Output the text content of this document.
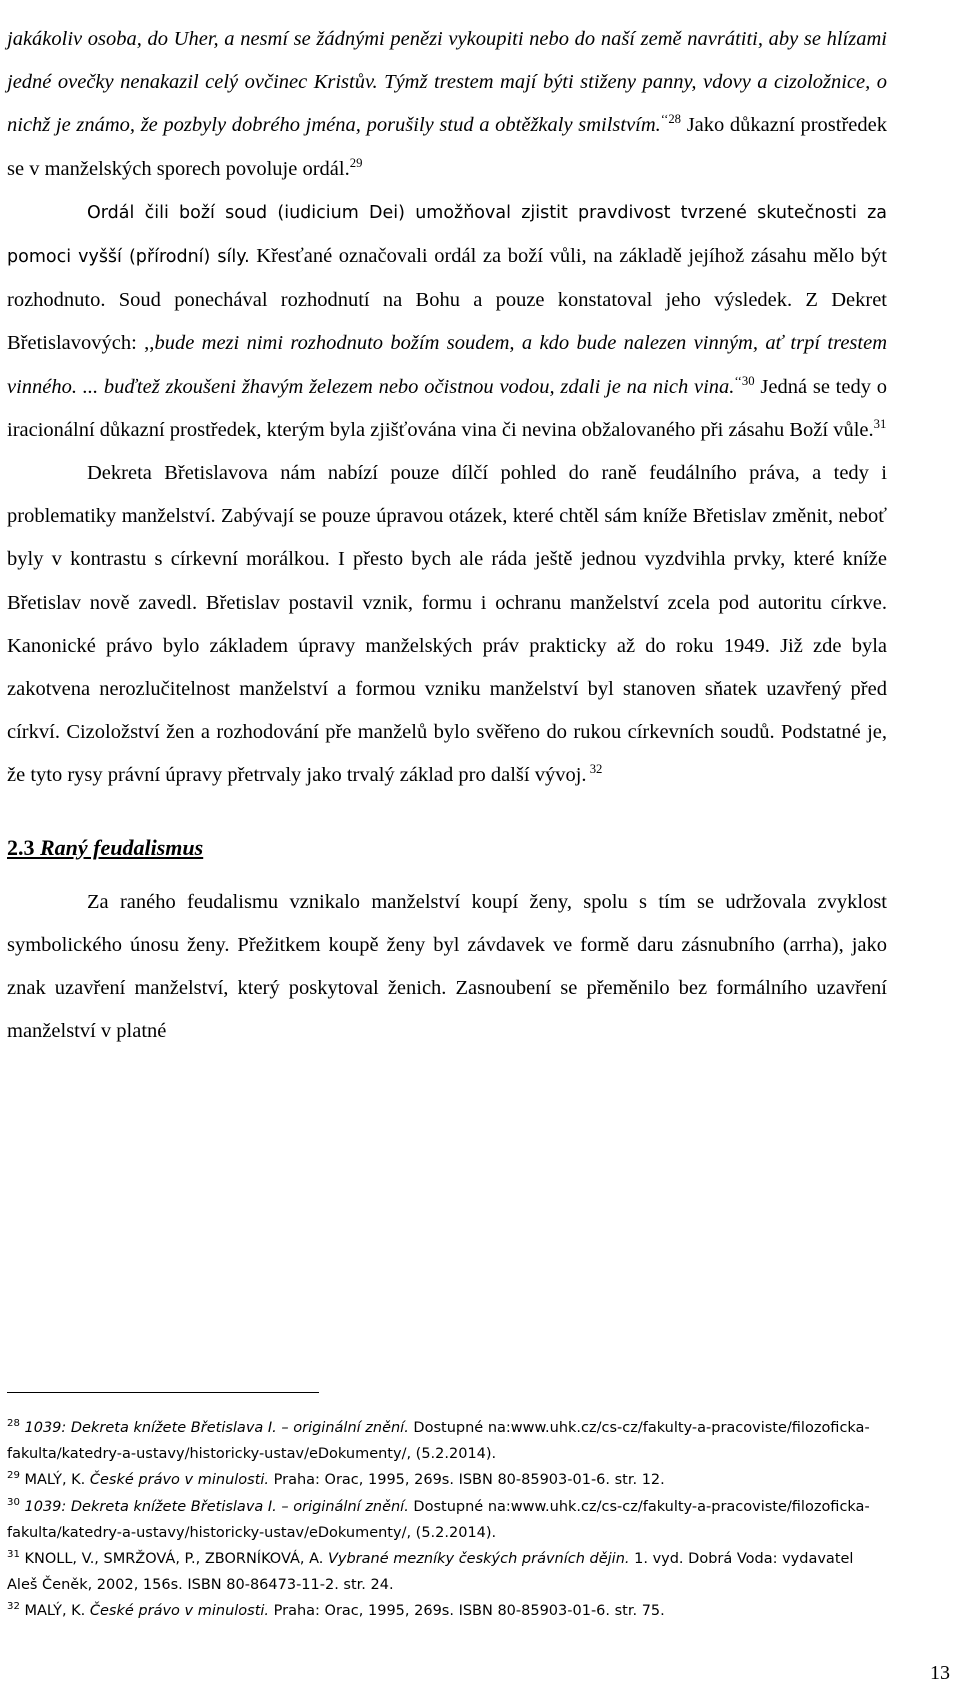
jakákoliv osoba, do Uher, a nesmí se žádnými penězi vykoupiti nebo do naší země navrátiti, aby se hlízami jedné ovečky nenakazil celý ovčinec Kristův. Týmž trestem mají býti stiženy panny, vdovy a cizoložnice, o nichž je známo, že pozbyly dobrého jména, porušily stud a obtěžkaly smilstvím.$^{‘‘28}$ Jako důkazní prostředek se v manželských sporech povoluje ordál.$^{29}$

Ordál čili boží soud (iudicium Dei) umožňoval zjistit pravdivost tvrzené skutečnosti za pomoci vyšší (přírodní) síly. Křesťané označovali ordál za boží vůli, na základě jejíhož zásahu mělo být rozhodnuto. Soud ponechával rozhodnutí na Bohu a pouze konstatoval jeho výsledek. Z Dekret Břetislavových: ,,bude mezi nimi rozhodnuto božím soudem, a kdo bude nalezen vinným, ať trpí trestem vinného. ... buďtež zkoušeni žhavým železem nebo očistnou vodou, zdali je na nich vina.$^{‘‘30}$ Jedná se tedy o iracionální důkazní prostředek, kterým byla zjišťována vina či nevina obžalovaného při zásahu Boží vůle.$^{31}$

Dekreta Břetislavova nám nabízí pouze dílčí pohled do raně feudálního práva, a tedy i problematiky manželství. Zabývají se pouze úpravou otázek, které chtěl sám kníže Břetislav změnit, neboť byly v kontrastu s církevní morálkou. I přesto bych ale ráda ještě jednou vyzdvihla prvky, které kníže Břetislav nově zavedl. Břetislav postavil vznik, formu i ochranu manželství zcela pod autoritu církve. Kanonické právo bylo základem úpravy manželských práv prakticky až do roku 1949. Již zde byla zakotvena nerozlučitelnost manželství a formou vzniku manželství byl stanoven sňatek uzavřený před církví. Cizoložství žen a rozhodování pře manželů bylo svěřeno do rukou církevních soudů. Podstatné je, že tyto rysy právní úpravy přetrvaly jako trvalý základ pro další vývoj. $^{32}$

2.3 Raný feudalismus

Za raného feudalismu vznikalo manželství koupí ženy, spolu s tím se udržovala zvyklost symbolického únosu ženy. Přežitkem koupě ženy byl závdavek ve formě daru zásnubního (arrha), jako znak uzavření manželství, který poskytoval ženich. Zasnoubení se přeměnilo bez formálního uzavření manželství v platné

$^{28}$ 1039: Dekreta knížete Břetislava I. – originální znění. Dostupné na:www.uhk.cz/cs-cz/fakulty-a-pracoviste/filozoficka-fakulta/katedry-a-ustavy/historicky-ustav/eDokumenty/, (5.2.2014).

$^{29}$ MALÝ, K. České právo v minulosti. Praha: Orac, 1995, 269s. ISBN 80-85903-01-6. str. 12.

$^{30}$ 1039: Dekreta knížete Břetislava I. – originální znění. Dostupné na:www.uhk.cz/cs-cz/fakulty-a-pracoviste/filozoficka-fakulta/katedry-a-ustavy/historicky-ustav/eDokumenty/, (5.2.2014).

$^{31}$ KNOLL, V., SMRŽOVÁ, P., ZBORNÍKOVÁ, A. Vybrané mezníky českých právních dějin. 1. vyd. Dobrá Voda: vydavatel Aleš Čeněk, 2002, 156s. ISBN 80-86473-11-2. str. 24.

$^{32}$ MALÝ, K. České právo v minulosti. Praha: Orac, 1995, 269s. ISBN 80-85903-01-6. str. 75.

13
